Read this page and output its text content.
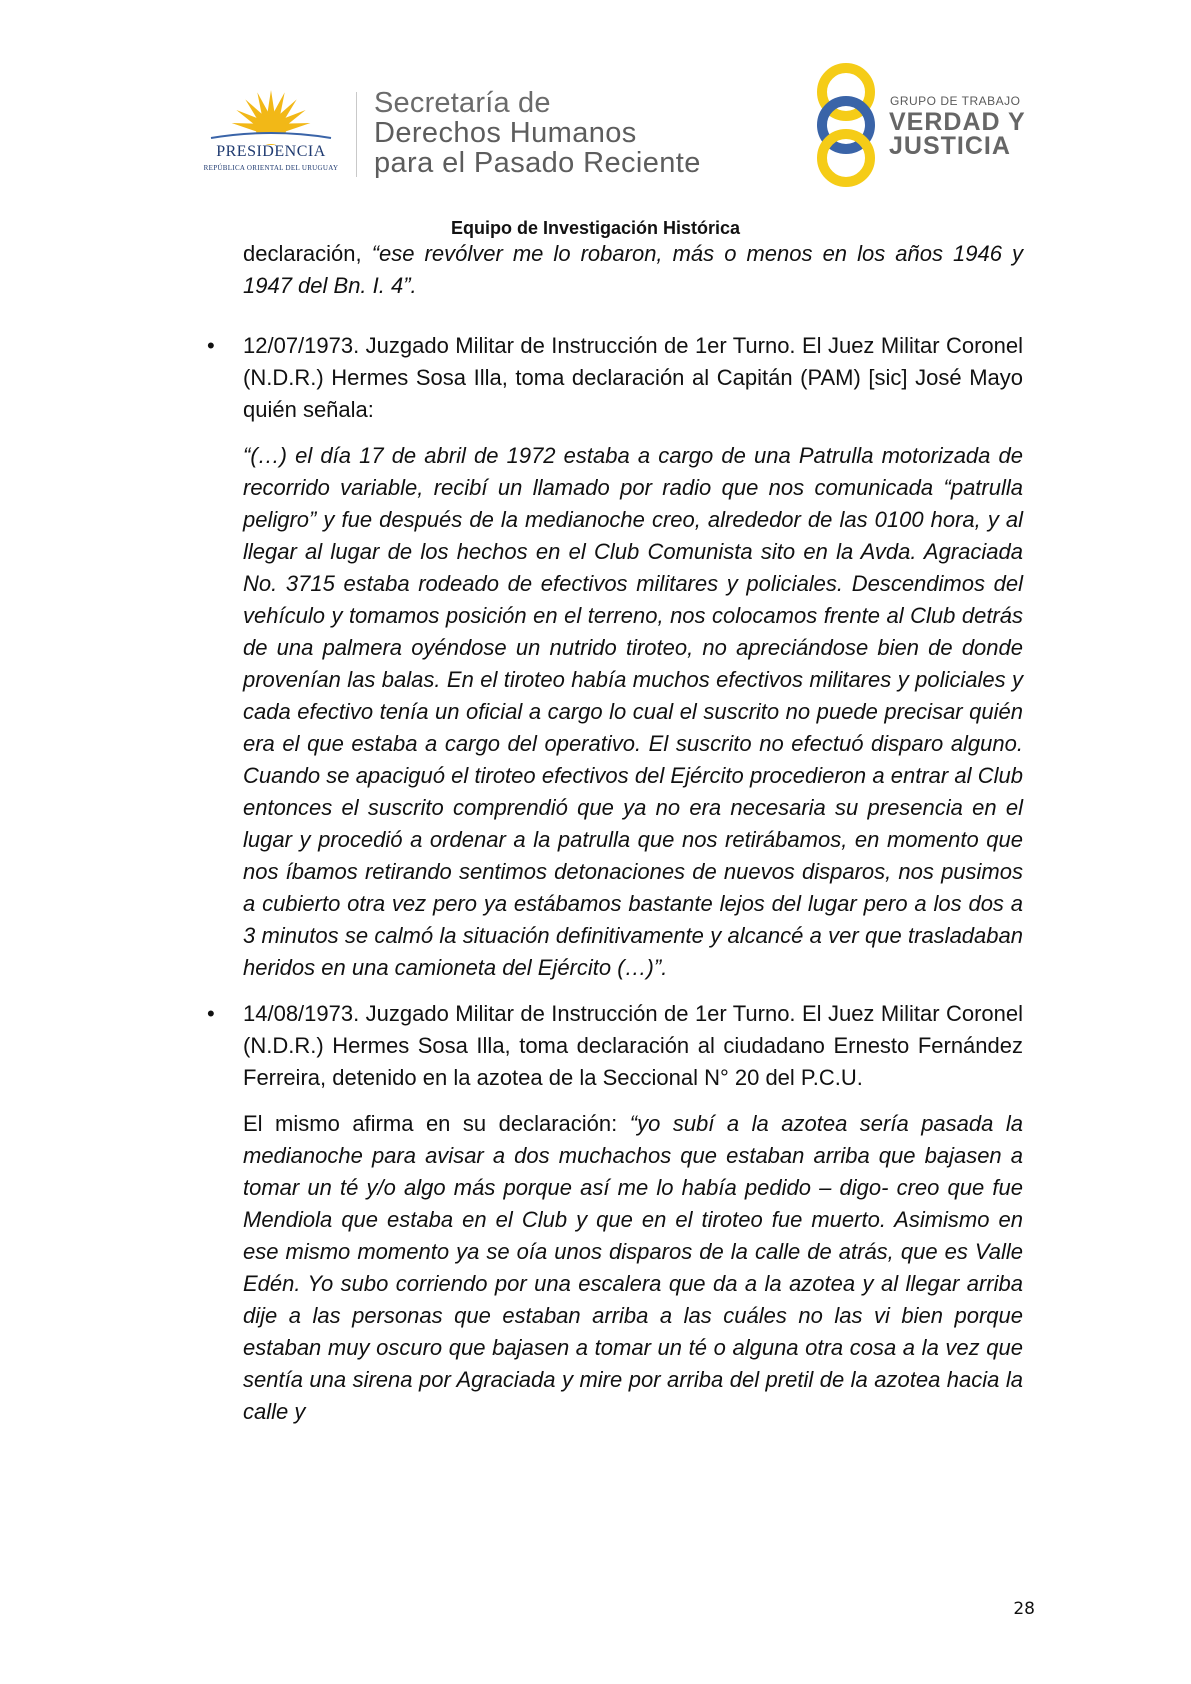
PRESIDENCIA
REPÚBLICA ORIENTAL DEL URUGUAY
Secretaría de
Derechos Humanos
para el Pasado Reciente
GRUPO DE TRABAJO
VERDAD Y
JUSTICIA
Equipo de Investigación Histórica

declaración, “ese revólver me lo robaron, más o menos en los años 1946 y 1947 del Bn. I. 4”.

• 12/07/1973. Juzgado Militar de Instrucción de 1er Turno. El Juez Militar Coronel (N.D.R.) Hermes Sosa Illa, toma declaración al Capitán (PAM) [sic] José Mayo quién señala:

“(…) el día 17 de abril de 1972 estaba a cargo de una Patrulla motorizada de recorrido variable, recibí un llamado por radio que nos comunicada “patrulla peligro” y fue después de la medianoche creo, alrededor de las 0100 hora, y al llegar al lugar de los hechos en el Club Comunista sito en la Avda. Agraciada No. 3715 estaba rodeado de efectivos militares y policiales. Descendimos del vehículo y tomamos posición en el terreno, nos colocamos frente al Club detrás de una palmera oyéndose un nutrido tiroteo, no apreciándose bien de donde provenían las balas. En el tiroteo había muchos efectivos militares y policiales y cada efectivo tenía un oficial a cargo lo cual el suscrito no puede precisar quién era el que estaba a cargo del operativo. El suscrito no efectuó disparo alguno. Cuando se apaciguó el tiroteo efectivos del Ejército procedieron a entrar al Club entonces el suscrito comprendió que ya no era necesaria su presencia en el lugar y procedió a ordenar a la patrulla que nos retirábamos, en momento que nos íbamos retirando sentimos detonaciones de nuevos disparos, nos pusimos a cubierto otra vez pero ya estábamos bastante lejos del lugar pero a los dos a 3 minutos se calmó la situación definitivamente y alcancé a ver que trasladaban heridos en una camioneta del Ejército (…)”.

• 14/08/1973. Juzgado Militar de Instrucción de 1er Turno. El Juez Militar Coronel (N.D.R.) Hermes Sosa Illa, toma declaración al ciudadano Ernesto Fernández Ferreira, detenido en la azotea de la Seccional N° 20 del P.C.U.

El mismo afirma en su declaración: “yo subí a la azotea sería pasada la medianoche para avisar a dos muchachos que estaban arriba que bajasen a tomar un té y/o algo más porque así me lo había pedido – digo- creo que fue Mendiola que estaba en el Club y que en el tiroteo fue muerto. Asimismo en ese mismo momento ya se oía unos disparos de la calle de atrás, que es Valle Edén. Yo subo corriendo por una escalera que da a la azotea y al llegar arriba dije a las personas que estaban arriba a las cuáles no las vi bien porque estaban muy oscuro que bajasen a tomar un té o alguna otra cosa a la vez que sentía una sirena por Agraciada y mire por arriba del pretil de la azotea hacia la calle y

28
